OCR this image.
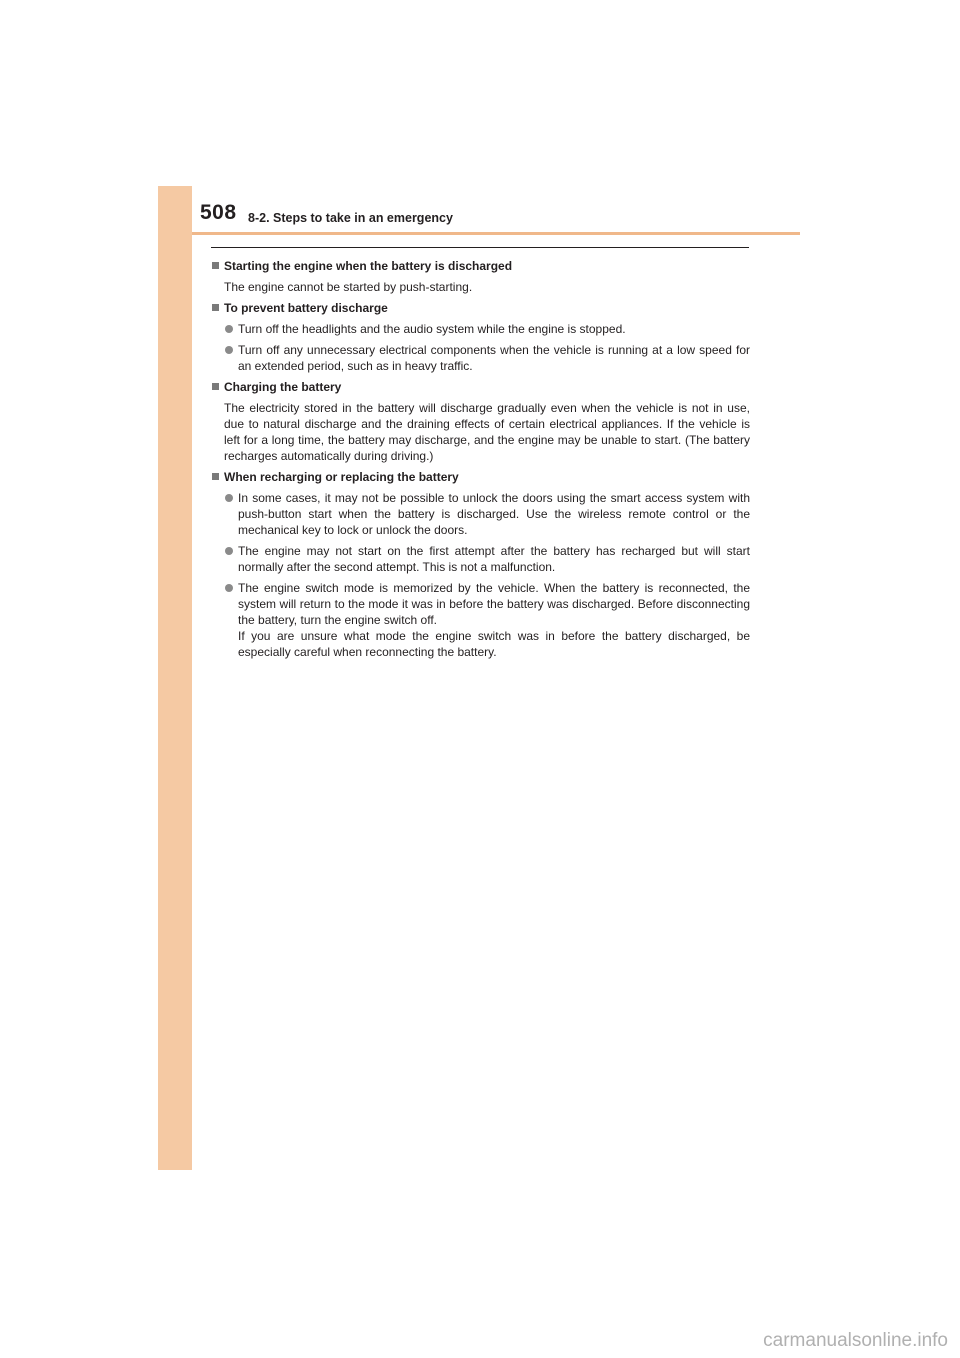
508 8-2. Steps to take in an emergency
Starting the engine when the battery is discharged
The engine cannot be started by push-starting.
To prevent battery discharge
Turn off the headlights and the audio system while the engine is stopped.
Turn off any unnecessary electrical components when the vehicle is running at a low speed for an extended period, such as in heavy traffic.
Charging the battery
The electricity stored in the battery will discharge gradually even when the vehicle is not in use, due to natural discharge and the draining effects of certain electrical appliances. If the vehicle is left for a long time, the battery may discharge, and the engine may be unable to start. (The battery recharges automatically during driving.)
When recharging or replacing the battery
In some cases, it may not be possible to unlock the doors using the smart access system with push-button start when the battery is discharged. Use the wireless remote control or the mechanical key to lock or unlock the doors.
The engine may not start on the first attempt after the battery has recharged but will start normally after the second attempt. This is not a malfunction.
The engine switch mode is memorized by the vehicle. When the battery is reconnected, the system will return to the mode it was in before the battery was discharged. Before disconnecting the battery, turn the engine switch off.
If you are unsure what mode the engine switch was in before the battery discharged, be especially careful when reconnecting the battery.
carmanualsonline.info
